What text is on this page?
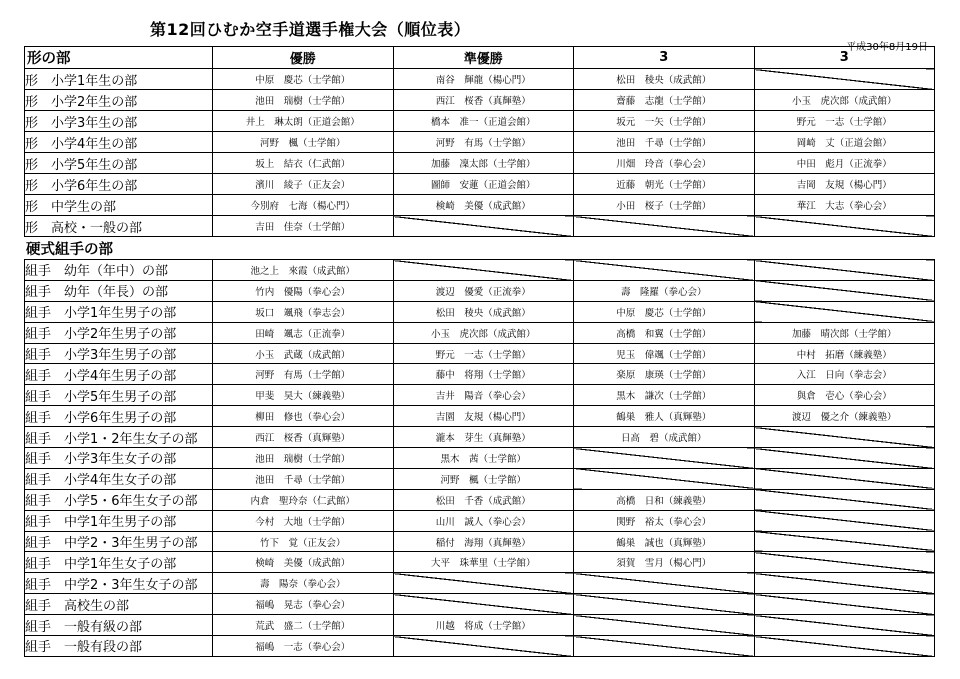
第12回ひむか空手道選手権大会（順位表）
平成30年8月19日
形の部	優勝	準優勝	3	3
形　小学1年生の部	中原　慶芯（士学館）	南谷　輝龍（楊心門）	松田　稜央（成武館）	
形　小学2年生の部	池田　瑞樹（士学館）	西江　桜香（真輝塾）	齋藤　志龍（士学館）	小玉　虎次郎（成武館）
形　小学3年生の部	井上　琳太朗（正道会館）	橋本　准一（正道会館）	坂元　一矢（士学館）	野元　一志（士学館）
形　小学4年生の部	河野　楓（士学館）	河野　有馬（士学館）	池田　千尋（士学館）	岡崎　丈（正道会館）
形　小学5年生の部	坂上　結衣（仁武館）	加藤　凜太郎（士学館）	川畑　玲音（拳心会）	中田　彪月（正流拳）
形　小学6年生の部	濱川　綾子（正友会）	圖師　安蓮（正道会館）	近藤　朝光（士学館）	吉岡　友規（楊心門）
形　中学生の部	今別府　七海（楊心門）	検崎　美優（成武館）	小田　桜子（士学館）	華江　大志（拳心会）
形　高校・一般の部	吉田　佳奈（士学館）			
硬式組手の部
組手　幼年（年中）の部	池之上　來霞（成武館）			
組手　幼年（年長）の部	竹内　優陽（拳心会）	渡辺　優愛（正流拳）	壽　隆羅（拳心会）	
組手　小学1年生男子の部	坂口　颯飛（拳志会）	松田　稜央（成武館）	中原　慶芯（士学館）	
組手　小学2年生男子の部	田崎　颯志（正流拳）	小玉　虎次郎（成武館）	高橋　和翼（士学館）	加藤　晴次郎（士学館）
組手　小学3年生男子の部	小玉　武蔵（成武館）	野元　一志（士学館）	児玉　偉颯（士学館）	中村　拓磨（練義塾）
組手　小学4年生男子の部	河野　有馬（士学館）	藤中　将翔（士学館）	楽原　康瑛（士学館）	入江　日向（拳志会）
組手　小学5年生男子の部	甲斐　昊大（練義塾）	吉井　陽音（拳心会）	黒木　謙次（士学館）	與倉　壱心（拳心会）
組手　小学6年生男子の部	柳田　修也（拳心会）	吉園　友規（楊心門）	鶴巣　雅人（真輝塾）	渡辺　優之介（練義塾）
組手　小学1・2年生女子の部	西江　桜香（真輝塾）	瀧本　芽生（真輝塾）	日高　碧（成武館）	
組手　小学3年生女子の部	池田　瑞樹（士学館）	黒木　茜（士学館）		
組手　小学4年生女子の部	池田　千尋（士学館）	河野　楓（士学館）		
組手　小学5・6年生女子の部	内倉　聖玲奈（仁武館）	松田　千香（成武館）	高橋　日和（練義塾）	
組手　中学1年生男子の部	今村　大地（士学館）	山川　誠人（拳心会）	関野　裕太（拳心会）	
組手　中学2・3年生男子の部	竹下　覚（正友会）	稲付　海翔（真輝塾）	鶴巣　誠也（真輝塾）	
組手　中学1年生女子の部	検崎　美優（成武館）	大平　珠華里（士学館）	須賀　雪月（楊心門）	
組手　中学2・3年生女子の部	壽　陽奈（拳心会）			
組手　高校生の部	福嶋　晃志（拳心会）			
組手　一般有級の部	荒武　盛二（士学館）	川越　将成（士学館）		
組手　一般有段の部	福嶋　一志（拳心会）			
